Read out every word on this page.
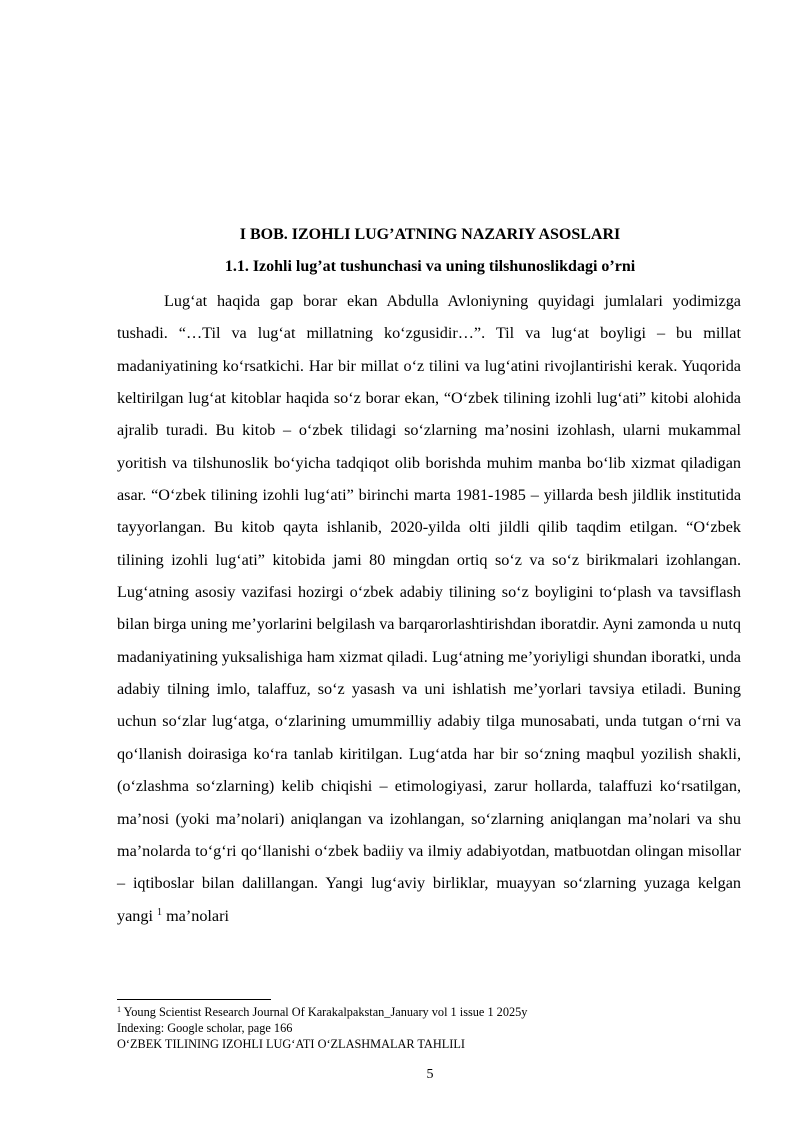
I BOB. IZOHLI LUG’ATNING NAZARIY ASOSLARI
1.1. Izohli lug’at tushunchasi va uning tilshunoslikdagi o’rni

Lug‘at haqida gap borar ekan Abdulla Avloniyning quyidagi jumlalari yodimizga tushadi. “…Til va lug‘at millatning ko‘zgusidir…”. Til va lug‘at boyligi – bu millat madaniyatining ko‘rsatkichi. Har bir millat o‘z tilini va lug‘atini rivojlantirishi kerak. Yuqorida keltirilgan lugʻat kitoblar haqida so‘z borar ekan, “O‘zbek tilining izohli lug‘ati” kitobi alohida ajralib turadi. Bu kitob – o‘zbek tilidagi so‘zlarning ma’nosini izohlash, ularni mukammal yoritish va tilshunoslik bo‘yicha tadqiqot olib borishda muhim manba bo‘lib xizmat qiladigan asar. “O‘zbek tilining izohli lug‘ati” birinchi marta 1981-1985 – yillarda besh jildlik institutida tayyorlangan. Bu kitob qayta ishlanib, 2020-yilda olti jildli qilib taqdim etilgan. “O‘zbek tilining izohli lug‘ati” kitobida jami 80 mingdan ortiq so‘z va so‘z birikmalari izohlangan. Lug‘atning asosiy vazifasi hozirgi o‘zbek adabiy tilining so‘z boyligini to‘plash va tavsiflash bilan birga uning me’yorlarini belgilash va barqarorlashtirishdan iboratdir. Ayni zamonda u nutq madaniyatining yuksalishiga ham xizmat qiladi. Lug‘atning me’yoriyligi shundan iboratki, unda adabiy tilning imlo, talaffuz, so‘z yasash va uni ishlatish me’yorlari tavsiya etiladi. Buning uchun so‘zlar lug‘atga, o‘zlarining umummilliy adabiy tilga munosabati, unda tutgan o‘rni va qo‘llanish doirasiga ko‘ra tanlab kiritilgan. Lug‘atda har bir so‘zning maqbul yozilish shakli, (o‘zlashma so‘zlarning) kelib chiqishi – etimologiyasi, zarur hollarda, talaffuzi ko‘rsatilgan, ma’nosi (yoki ma’nolari) aniqlangan va izohlangan, so‘zlarning aniqlangan ma’nolari va shu ma’nolarda to‘g‘ri qo‘llanishi o‘zbek badiiy va ilmiy adabiyotdan, matbuotdan olingan misollar – iqtiboslar bilan dalillangan. Yangi lug‘aviy birliklar, muayyan so‘zlarning yuzaga kelgan yangi $^1$ ma’nolari

$^1$ Young Scientist Research Journal Of Karakalpakstan_January vol 1 issue 1 2025y
Indexing: Google scholar, page 166
O‘ZBEK TILINING IZOHLI LUG‘ATI O‘ZLASHMALAR TAHLILI
5
